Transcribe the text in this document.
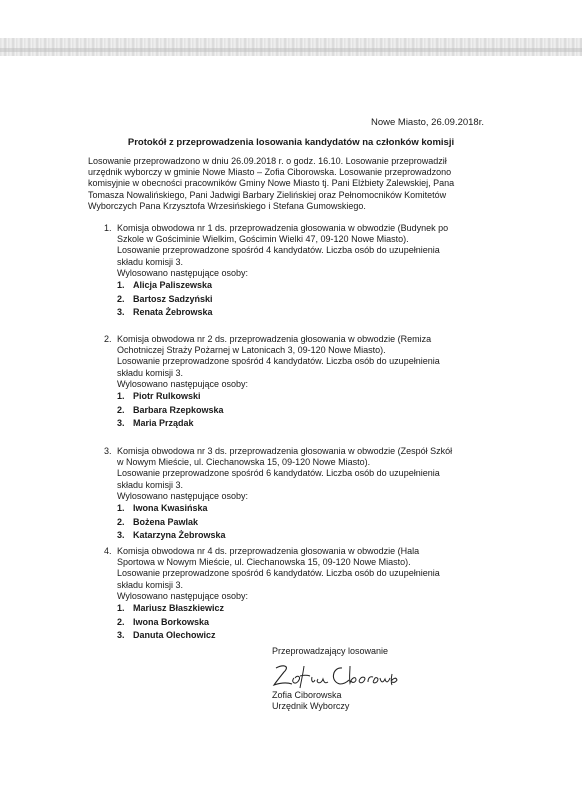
Nowe Miasto, 26.09.2018r.
Protokół z przeprowadzenia losowania kandydatów na członków komisji
Losowanie przeprowadzono w dniu 26.09.2018 r. o godz. 16.10. Losowanie przeprowadził
urzędnik wyborczy w gminie Nowe Miasto – Zofia Ciborowska. Losowanie przeprowadzono
komisyjnie w obecności pracowników Gminy Nowe Miasto tj. Pani Elżbiety Zalewskiej, Pana
Tomasza Nowalińskiego, Pani Jadwigi Barbary Zielińskiej oraz Pełnomocników Komitetów
Wyborczych Pana Krzysztofa Wrzesińskiego i Stefana Gumowskiego.
1. Komisja obwodowa nr 1 ds. przeprowadzenia głosowania w obwodzie (Budynek po

Szkole w Gościminie Wielkim, Gościmin Wielki 47, 09-120 Nowe Miasto).

Losowanie przeprowadzone spośród 4 kandydatów. Liczba osób do uzupełnienia

składu komisji 3.

Wylosowano następujące osoby:

1. Alicja Paliszewska
2. Bartosz Sadzyński
3. Renata Żebrowska
2. Komisja obwodowa nr 2 ds. przeprowadzenia głosowania w obwodzie (Remiza

Ochotniczej Straży Pożarnej w Latonicach 3, 09-120 Nowe Miasto).

Losowanie przeprowadzone spośród 4 kandydatów. Liczba osób do uzupełnienia

składu komisji 3.

Wylosowano następujące osoby:

1. Piotr Rulkowski
2. Barbara Rzepkowska
3. Maria Prządak
3. Komisja obwodowa nr 3 ds. przeprowadzenia głosowania w obwodzie (Zespół Szkół

w Nowym Mieście, ul. Ciechanowska 15, 09-120 Nowe Miasto).

Losowanie przeprowadzone spośród 6 kandydatów. Liczba osób do uzupełnienia

składu komisji 3.

Wylosowano następujące osoby:

1. Iwona Kwasińska
2. Bożena Pawlak
3. Katarzyna Żebrowska
4. Komisja obwodowa nr 4 ds. przeprowadzenia głosowania w obwodzie (Hala

Sportowa w Nowym Mieście, ul. Ciechanowska 15, 09-120 Nowe Miasto).

Losowanie przeprowadzone spośród 6 kandydatów. Liczba osób do uzupełnienia

składu komisji 3.

Wylosowano następujące osoby:

1. Mariusz Błaszkiewicz
2. Iwona Borkowska
3. Danuta Olechowicz
Przeprowadzający losowanie
Zofia Ciborowska
Urzędnik Wyborczy
